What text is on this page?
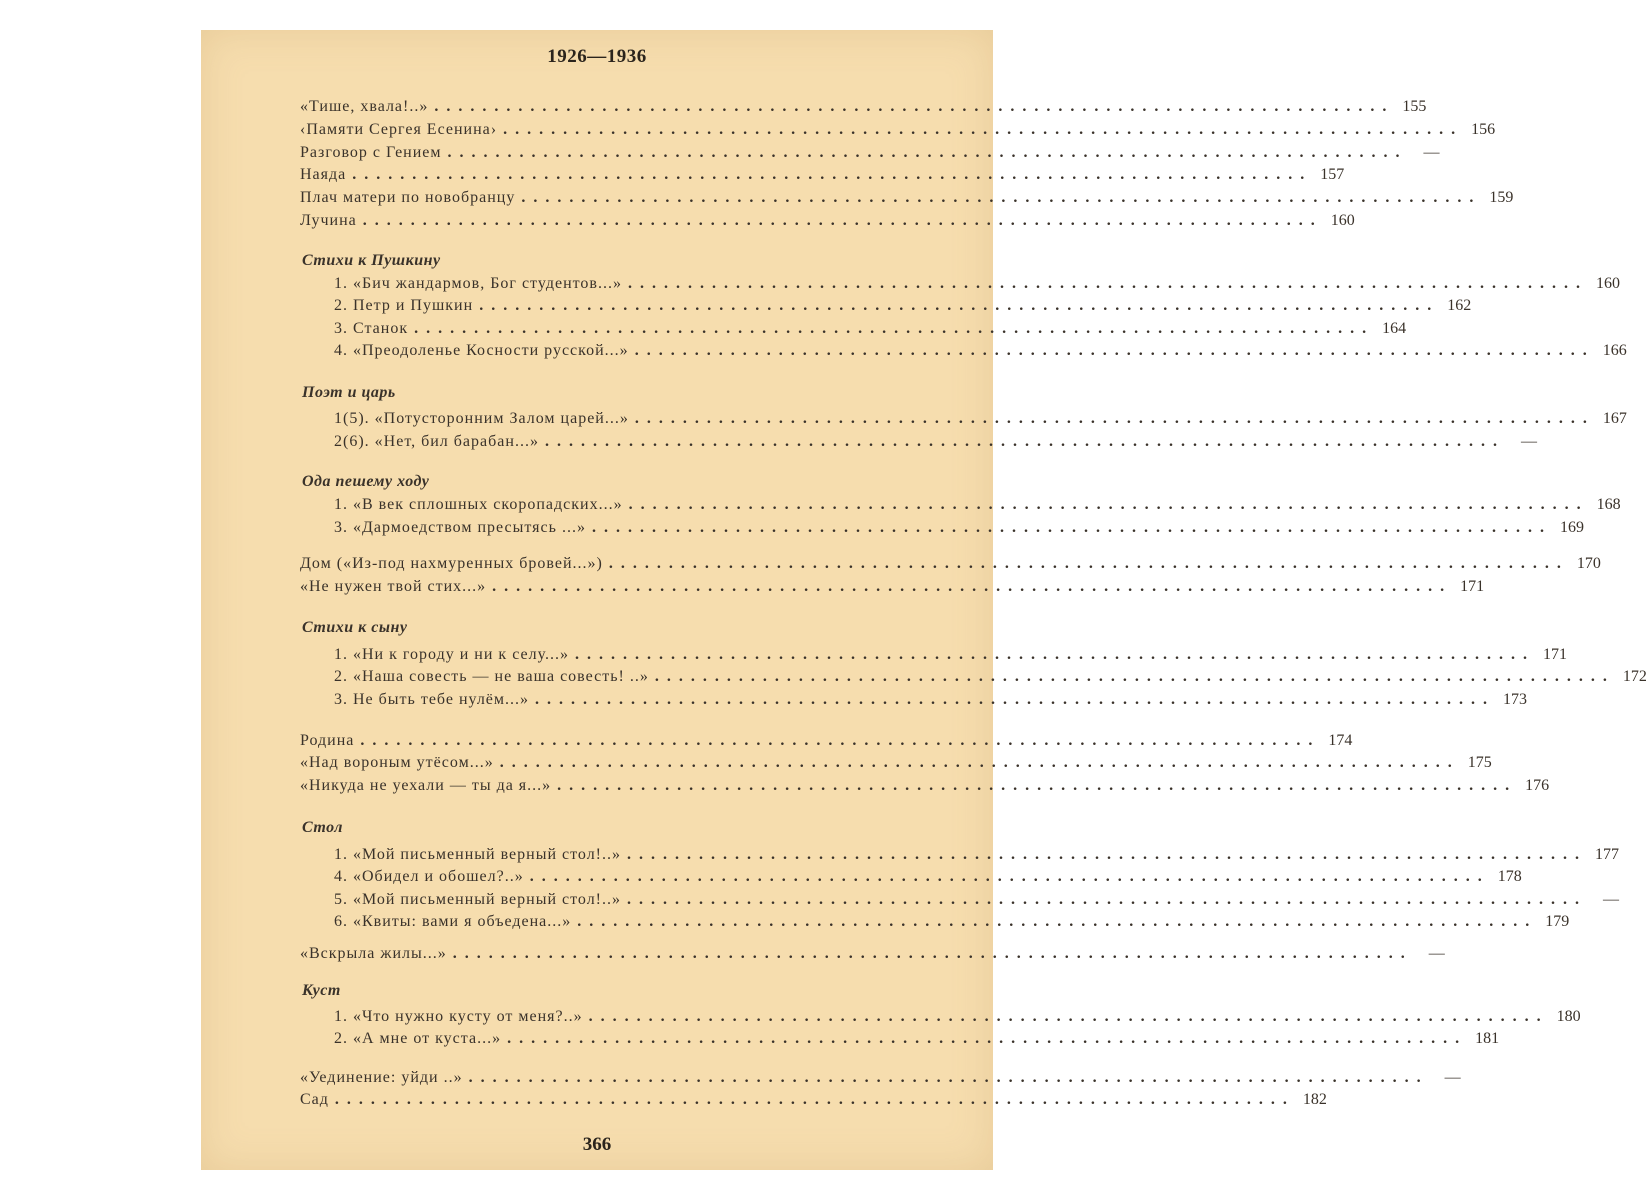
1926—1936
«Тише, хвала!..» ................................................................................ 155
‹Памяти Сергея Есенина› ................................................................................ 156
Разговор с Гением ................................................................................	—
Наяда ................................................................................ 157
Плач матери по новобранцу ................................................................................ 159
Лучина ................................................................................ 160
Стихи к Пушкину
1. «Бич жандармов, Бог студентов...» ................................................................................ 160
2. Петр и Пушкин ................................................................................ 162
3. Станок ................................................................................ 164
4. «Преодоленье Косности русской...» ................................................................................ 166
Поэт и царь
1(5). «Потусторонним Залом царей...» ................................................................................ 167
2(6). «Нет, бил барабан...» ................................................................................	—
Ода пешему ходу
1. «В век сплошных скоропадских...» ................................................................................ 168
3. «Дармоедством пресытясь ...» ................................................................................ 169
Дом («Из-под нахмуренных бровей...») ................................................................................ 170
«Не нужен твой стих...» ................................................................................ 171
Стихи к сыну
1. «Ни к городу и ни к селу...» ................................................................................ 171
2. «Наша совесть — не ваша совесть! ..» ................................................................................ 172
3. Не быть тебе нулём...» ................................................................................ 173
Родина ................................................................................ 174
«Над вороным утёсом...» ................................................................................ 175
«Никуда не уехали — ты да я...» ................................................................................ 176
Стол
1. «Мой письменный верный стол!..» ................................................................................ 177
4. «Обидел и обошел?..» ................................................................................ 178
5. «Мой письменный верный стол!..» ................................................................................	—
6. «Квиты: вами я объедена...» ................................................................................ 179
«Вскрыла жилы...» ................................................................................	—
Куст
1. «Что нужно кусту от меня?..» ................................................................................ 180
2. «А мне от куста...» ................................................................................ 181
«Уединение: уйди ..» ................................................................................	—
Сад ................................................................................ 182
366
